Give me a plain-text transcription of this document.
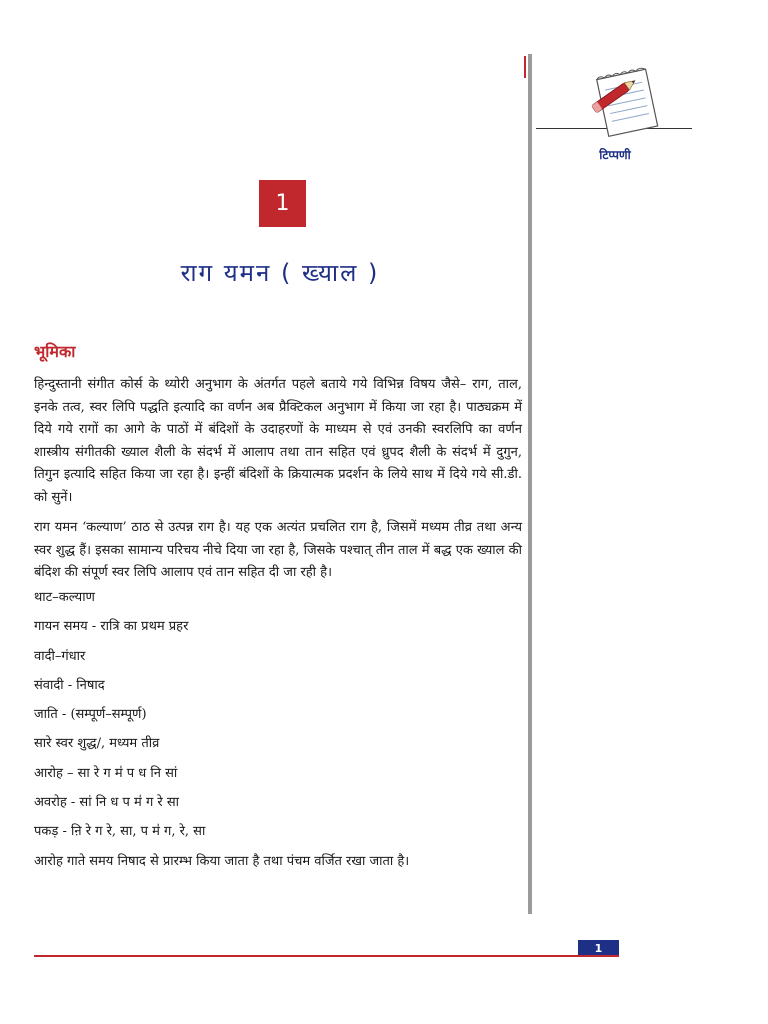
टिप्पणी
1
राग यमन ( ख्याल )
भूमिका

हिन्दुस्तानी संगीत कोर्स के थ्योरी अनुभाग के अंतर्गत पहले बताये गये विभिन्न विषय जैसे– राग, ताल, इनके तत्व, स्वर लिपि पद्धति इत्यादि का वर्णन अब प्रैक्टिकल अनुभाग में किया जा रहा है। पाठ्यक्रम में दिये गये रागों का आगे के पाठों में बंदिशों के उदाहरणों के माध्यम से एवं उनकी स्वरलिपि का वर्णन शास्त्रीय संगीतकी ख्याल शैली के संदर्भ में आलाप तथा तान सहित एवं ध्रुपद शैली के संदर्भ में दुगुन, तिगुन इत्यादि सहित किया जा रहा है। इन्हीं बंदिशों के क्रियात्मक प्रदर्शन के लिये साथ में दिये गये सी.डी. को सुनें।

राग यमन ‘कल्याण’ ठाठ से उत्पन्न राग है। यह एक अत्यंत प्रचलित राग है, जिसमें मध्यम तीव्र तथा अन्य स्वर शुद्ध हैं। इसका सामान्य परिचय नीचे दिया जा रहा है, जिसके पश्चात् तीन ताल में बद्ध एक ख्याल की बंदिश की संपूर्ण स्वर लिपि आलाप एवं तान सहित दी जा रही है।

थाट–कल्याण
गायन समय - रात्रि का प्रथम प्रहर
वादी–गंधार
संवादी - निषाद
जाति - (सम्पूर्ण–सम्पूर्ण)
सारे स्वर शुद्ध/, मध्यम तीव्र
आरोह – सा रे ग म॑ प ध नि सां
अवरोह - सां नि ध प म॑ ग रे सा
पकड़ - ऩि रे ग रे, सा, प म॑ ग, रे, सा
आरोह गाते समय निषाद से प्रारम्भ किया जाता है तथा पंचम वर्जित रखा जाता है।
1
